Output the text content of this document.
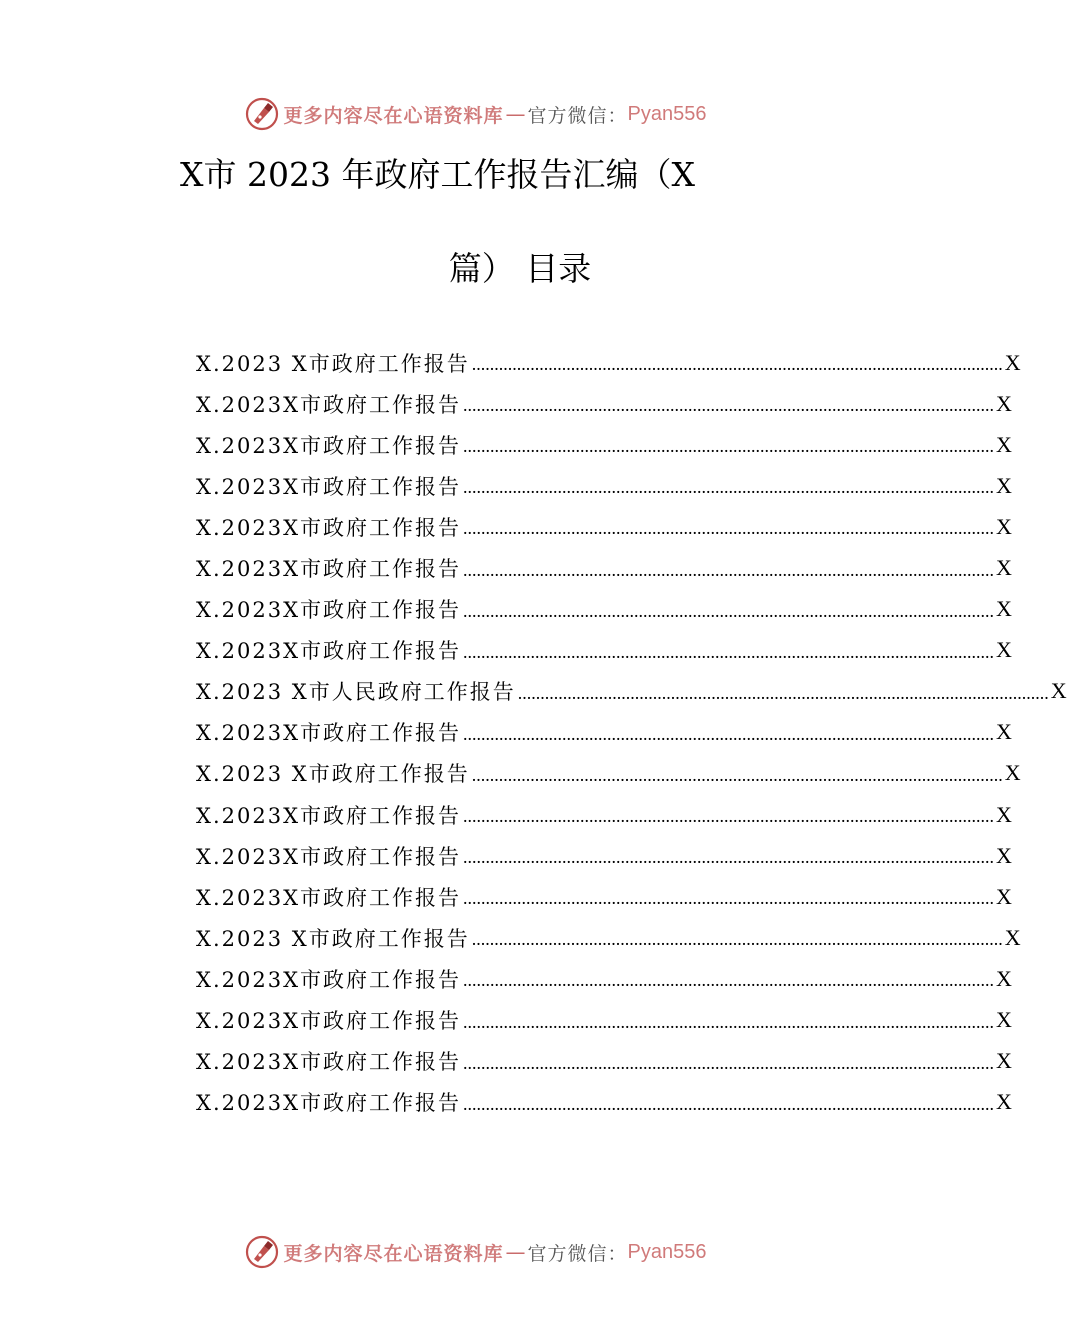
更多内容尽在心语资料库 — 官方微信： Pyan556
X市 2023 年政府工作报告汇编（X
篇） 目录
X.2023 X市政府工作报告 ...................................................................................................................... X
X.2023X市政府工作报告 ...................................................................................................................... X
X.2023X市政府工作报告 ...................................................................................................................... X
X.2023X市政府工作报告 ...................................................................................................................... X
X.2023X市政府工作报告 ...................................................................................................................... X
X.2023X市政府工作报告 ...................................................................................................................... X
X.2023X市政府工作报告 ...................................................................................................................... X
X.2023X市政府工作报告 ...................................................................................................................... X
X.2023 X市人民政府工作报告 ...................................................................................................................... X
X.2023X市政府工作报告 ...................................................................................................................... X
X.2023 X市政府工作报告 ...................................................................................................................... X
X.2023X市政府工作报告 ...................................................................................................................... X
X.2023X市政府工作报告 ...................................................................................................................... X
X.2023X市政府工作报告 ...................................................................................................................... X
X.2023 X市政府工作报告 ...................................................................................................................... X
X.2023X市政府工作报告 ...................................................................................................................... X
X.2023X市政府工作报告 ...................................................................................................................... X
X.2023X市政府工作报告 ...................................................................................................................... X
X.2023X市政府工作报告 ...................................................................................................................... X
更多内容尽在心语资料库 — 官方微信： Pyan556
